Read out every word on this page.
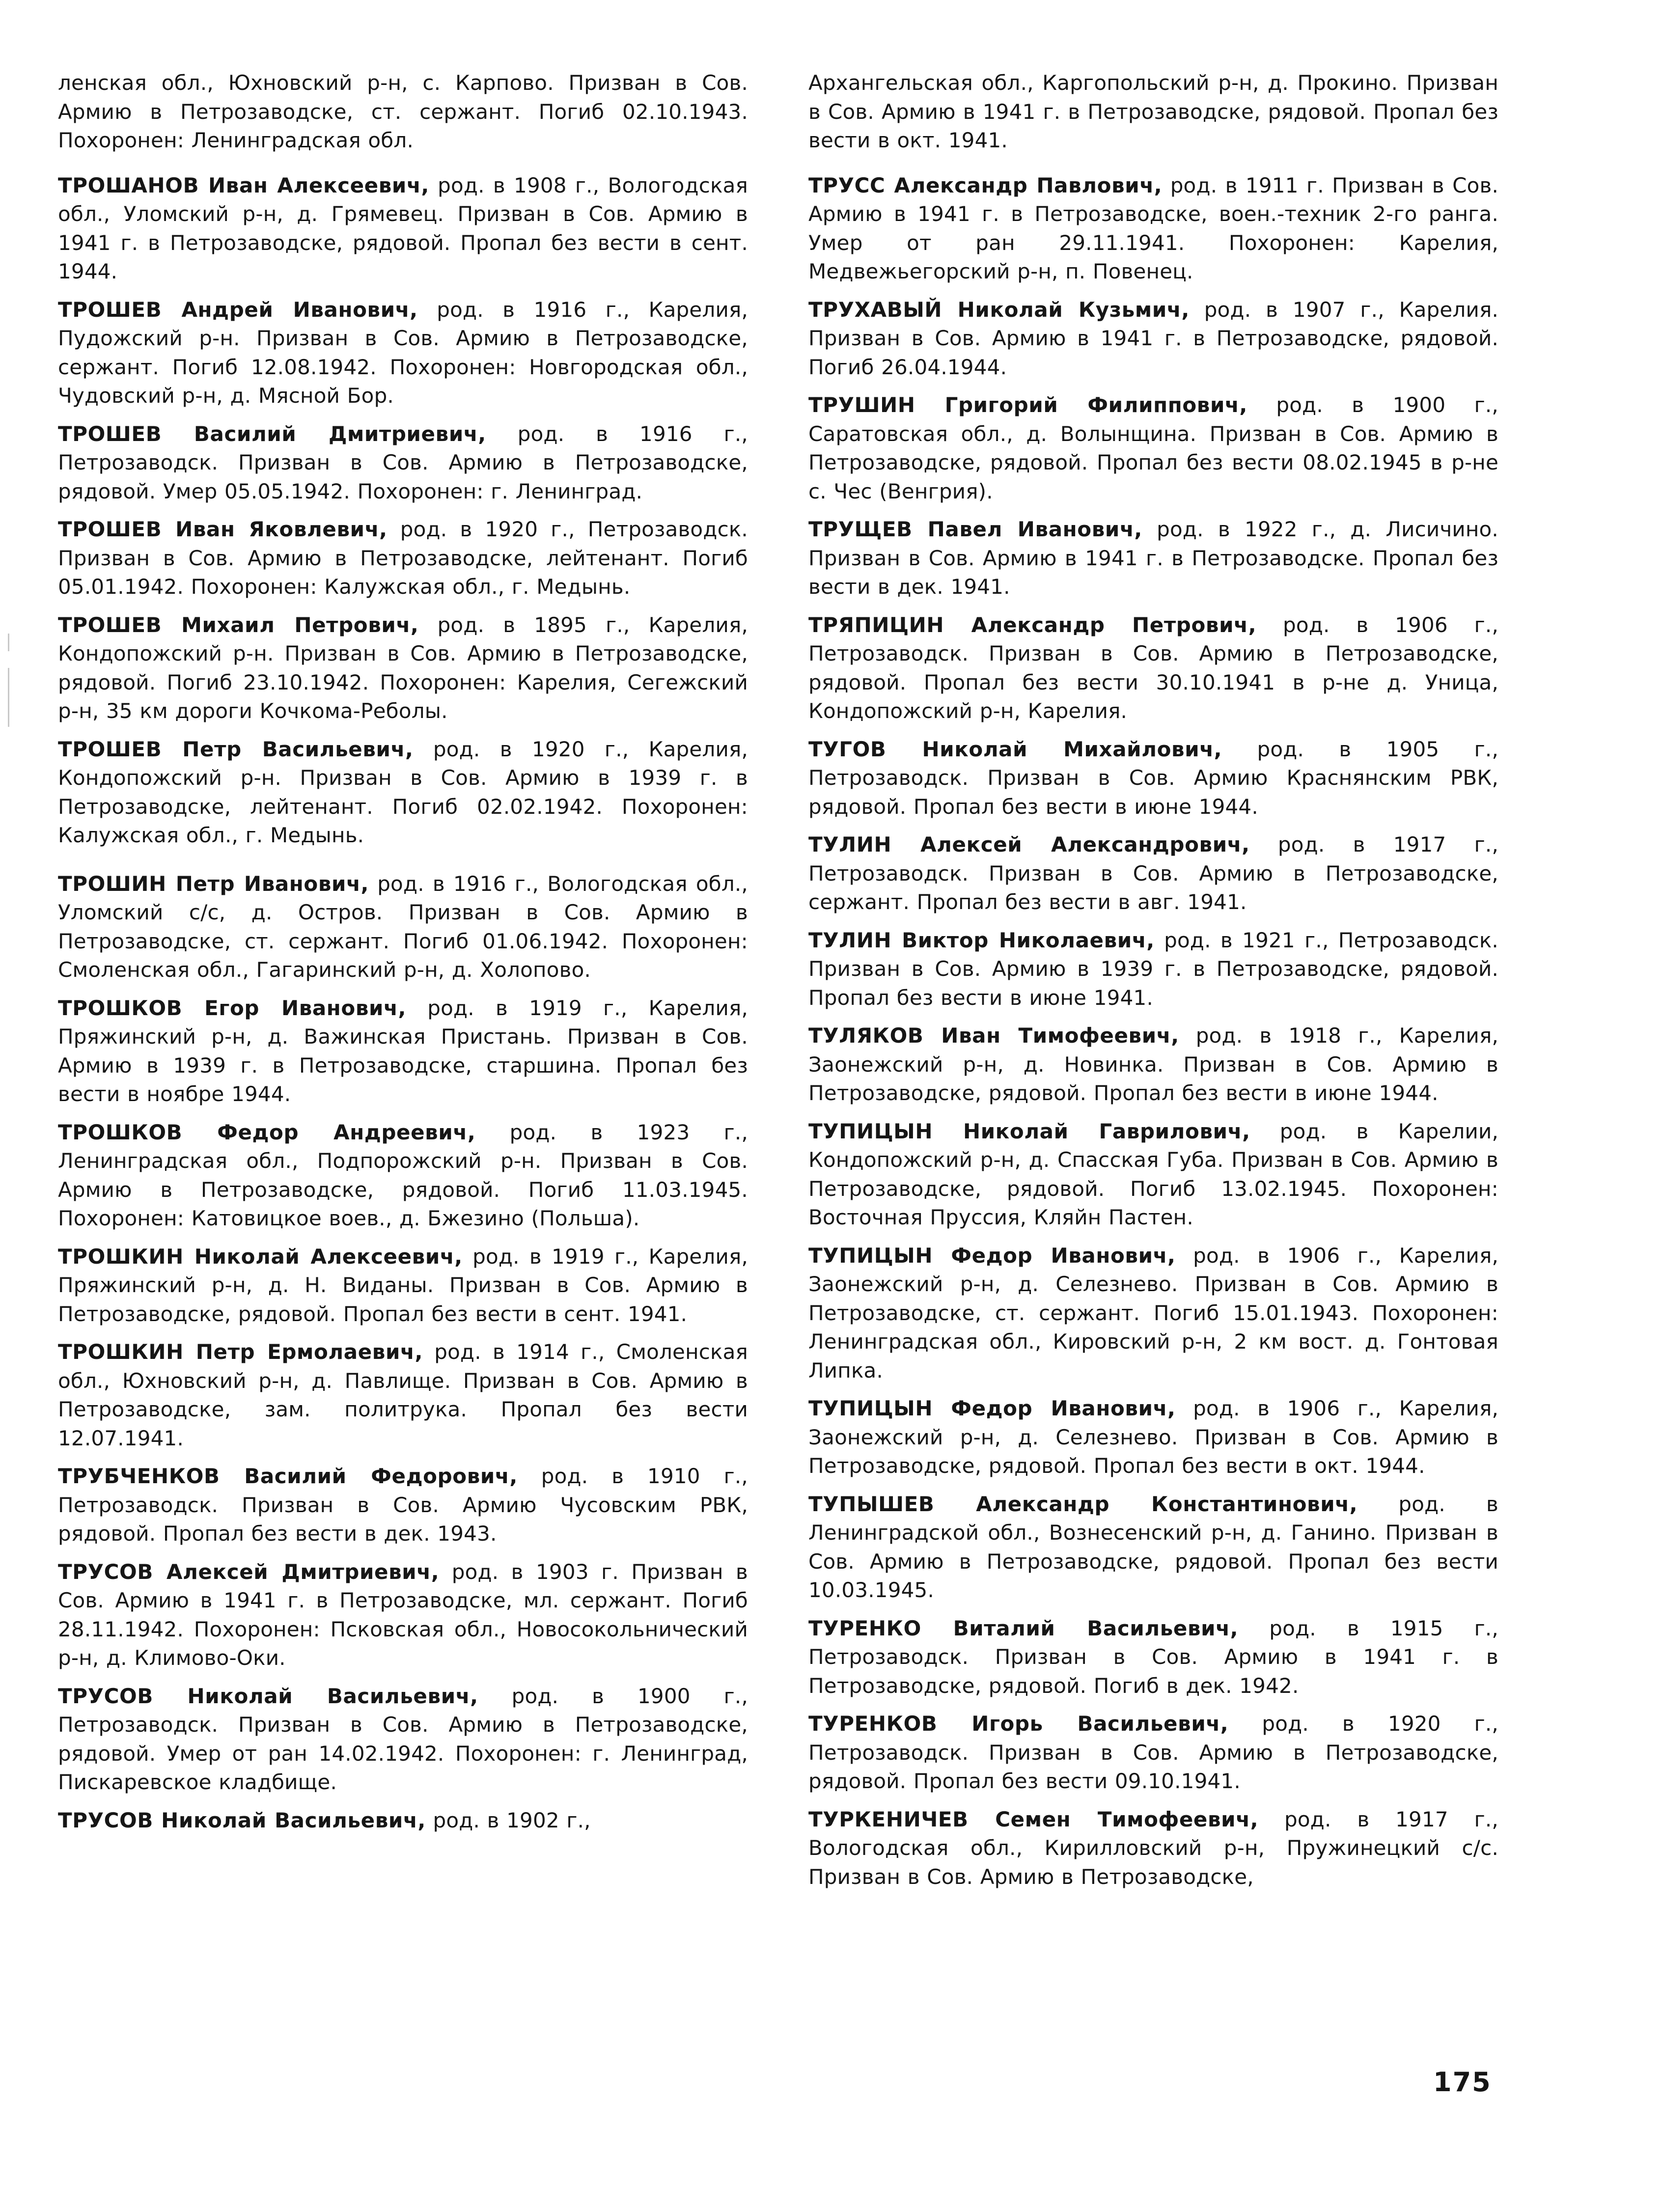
ленская обл., Юхновский р-н, с. Карпово. Призван в Сов. Армию в Петрозаводске, ст. сержант. Погиб 02.10.1943. Похоронен: Ленинградская обл.

ТРОШАНОВ Иван Алексеевич, род. в 1908 г., Вологодская обл., Уломский р-н, д. Грямевец. Призван в Сов. Армию в 1941 г. в Петрозаводске, рядовой. Пропал без вести в сент. 1944.

ТРОШЕВ Андрей Иванович, род. в 1916 г., Карелия, Пудожский р-н. Призван в Сов. Армию в Петрозаводске, сержант. Погиб 12.08.1942. Похоронен: Новгородская обл., Чудовский р-н, д. Мясной Бор.

ТРОШЕВ Василий Дмитриевич, род. в 1916 г., Петрозаводск. Призван в Сов. Армию в Петрозаводске, рядовой. Умер 05.05.1942. Похоронен: г. Ленинград.

ТРОШЕВ Иван Яковлевич, род. в 1920 г., Петрозаводск. Призван в Сов. Армию в Петрозаводске, лейтенант. Погиб 05.01.1942. Похоронен: Калужская обл., г. Медынь.

ТРОШЕВ Михаил Петрович, род. в 1895 г., Карелия, Кондопожский р-н. Призван в Сов. Армию в Петрозаводске, рядовой. Погиб 23.10.1942. Похоронен: Карелия, Сегежский р-н, 35 км дороги Кочкома-Реболы.

ТРОШЕВ Петр Васильевич, род. в 1920 г., Карелия, Кондопожский р-н. Призван в Сов. Армию в 1939 г. в Петрозаводске, лейтенант. Погиб 02.02.1942. Похоронен: Калужская обл., г. Медынь.

ТРОШИН Петр Иванович, род. в 1916 г., Вологодская обл., Уломский с/с, д. Остров. Призван в Сов. Армию в Петрозаводске, ст. сержант. Погиб 01.06.1942. Похоронен: Смоленская обл., Гагаринский р-н, д. Холопово.

ТРОШКОВ Егор Иванович, род. в 1919 г., Карелия, Пряжинский р-н, д. Важинская Пристань. Призван в Сов. Армию в 1939 г. в Петрозаводске, старшина. Пропал без вести в ноябре 1944.

ТРОШКОВ Федор Андреевич, род. в 1923 г., Ленинградская обл., Подпорожский р-н. Призван в Сов. Армию в Петрозаводске, рядовой. Погиб 11.03.1945. Похоронен: Катовицкое воев., д. Бжезино (Польша).

ТРОШКИН Николай Алексеевич, род. в 1919 г., Карелия, Пряжинский р-н, д. Н. Виданы. Призван в Сов. Армию в Петрозаводске, рядовой. Пропал без вести в сент. 1941.

ТРОШКИН Петр Ермолаевич, род. в 1914 г., Смоленская обл., Юхновский р-н, д. Павлище. Призван в Сов. Армию в Петрозаводске, зам. политрука. Пропал без вести 12.07.1941.

ТРУБЧЕНКОВ Василий Федорович, род. в 1910 г., Петрозаводск. Призван в Сов. Армию Чусовским РВК, рядовой. Пропал без вести в дек. 1943.

ТРУСОВ Алексей Дмитриевич, род. в 1903 г. Призван в Сов. Армию в 1941 г. в Петрозаводске, мл. сержант. Погиб 28.11.1942. Похоронен: Псковская обл., Новосокольнический р-н, д. Климово-Оки.

ТРУСОВ Николай Васильевич, род. в 1900 г., Петрозаводск. Призван в Сов. Армию в Петрозаводске, рядовой. Умер от ран 14.02.1942. Похоронен: г. Ленинград, Пискаревское кладбище.

ТРУСОВ Николай Васильевич, род. в 1902 г.,

Архангельская обл., Каргопольский р-н, д. Прокино. Призван в Сов. Армию в 1941 г. в Петрозаводске, рядовой. Пропал без вести в окт. 1941.

ТРУСС Александр Павлович, род. в 1911 г. Призван в Сов. Армию в 1941 г. в Петрозаводске, воен.-техник 2-го ранга. Умер от ран 29.11.1941. Похоронен: Карелия, Медвежьегорский р-н, п. Повенец.

ТРУХАВЫЙ Николай Кузьмич, род. в 1907 г., Карелия. Призван в Сов. Армию в 1941 г. в Петрозаводске, рядовой. Погиб 26.04.1944.

ТРУШИН Григорий Филиппович, род. в 1900 г., Саратовская обл., д. Волынщина. Призван в Сов. Армию в Петрозаводске, рядовой. Пропал без вести 08.02.1945 в р-не с. Чес (Венгрия).

ТРУЩЕВ Павел Иванович, род. в 1922 г., д. Лисичино. Призван в Сов. Армию в 1941 г. в Петрозаводске. Пропал без вести в дек. 1941.

ТРЯПИЦИН Александр Петрович, род. в 1906 г., Петрозаводск. Призван в Сов. Армию в Петрозаводске, рядовой. Пропал без вести 30.10.1941 в р-не д. Уница, Кондопожский р-н, Карелия.

ТУГОВ Николай Михайлович, род. в 1905 г., Петрозаводск. Призван в Сов. Армию Краснянским РВК, рядовой. Пропал без вести в июне 1944.

ТУЛИН Алексей Александрович, род. в 1917 г., Петрозаводск. Призван в Сов. Армию в Петрозаводске, сержант. Пропал без вести в авг. 1941.

ТУЛИН Виктор Николаевич, род. в 1921 г., Петрозаводск. Призван в Сов. Армию в 1939 г. в Петрозаводске, рядовой. Пропал без вести в июне 1941.

ТУЛЯКОВ Иван Тимофеевич, род. в 1918 г., Карелия, Заонежский р-н, д. Новинка. Призван в Сов. Армию в Петрозаводске, рядовой. Пропал без вести в июне 1944.

ТУПИЦЫН Николай Гаврилович, род. в Карелии, Кондопожский р-н, д. Спасская Губа. Призван в Сов. Армию в Петрозаводске, рядовой. Погиб 13.02.1945. Похоронен: Восточная Пруссия, Кляйн Пастен.

ТУПИЦЫН Федор Иванович, род. в 1906 г., Карелия, Заонежский р-н, д. Селезнево. Призван в Сов. Армию в Петрозаводске, ст. сержант. Погиб 15.01.1943. Похоронен: Ленинградская обл., Кировский р-н, 2 км вост. д. Гонтовая Липка.

ТУПИЦЫН Федор Иванович, род. в 1906 г., Карелия, Заонежский р-н, д. Селезнево. Призван в Сов. Армию в Петрозаводске, рядовой. Пропал без вести в окт. 1944.

ТУПЫШЕВ Александр Константинович, род. в Ленинградской обл., Вознесенский р-н, д. Ганино. Призван в Сов. Армию в Петрозаводске, рядовой. Пропал без вести 10.03.1945.

ТУРЕНКО Виталий Васильевич, род. в 1915 г., Петрозаводск. Призван в Сов. Армию в 1941 г. в Петрозаводске, рядовой. Погиб в дек. 1942.

ТУРЕНКОВ Игорь Васильевич, род. в 1920 г., Петрозаводск. Призван в Сов. Армию в Петрозаводске, рядовой. Пропал без вести 09.10.1941.

ТУРКЕНИЧЕВ Семен Тимофеевич, род. в 1917 г., Вологодская обл., Кирилловский р-н, Пружинецкий с/с. Призван в Сов. Армию в Петрозаводске,

175
